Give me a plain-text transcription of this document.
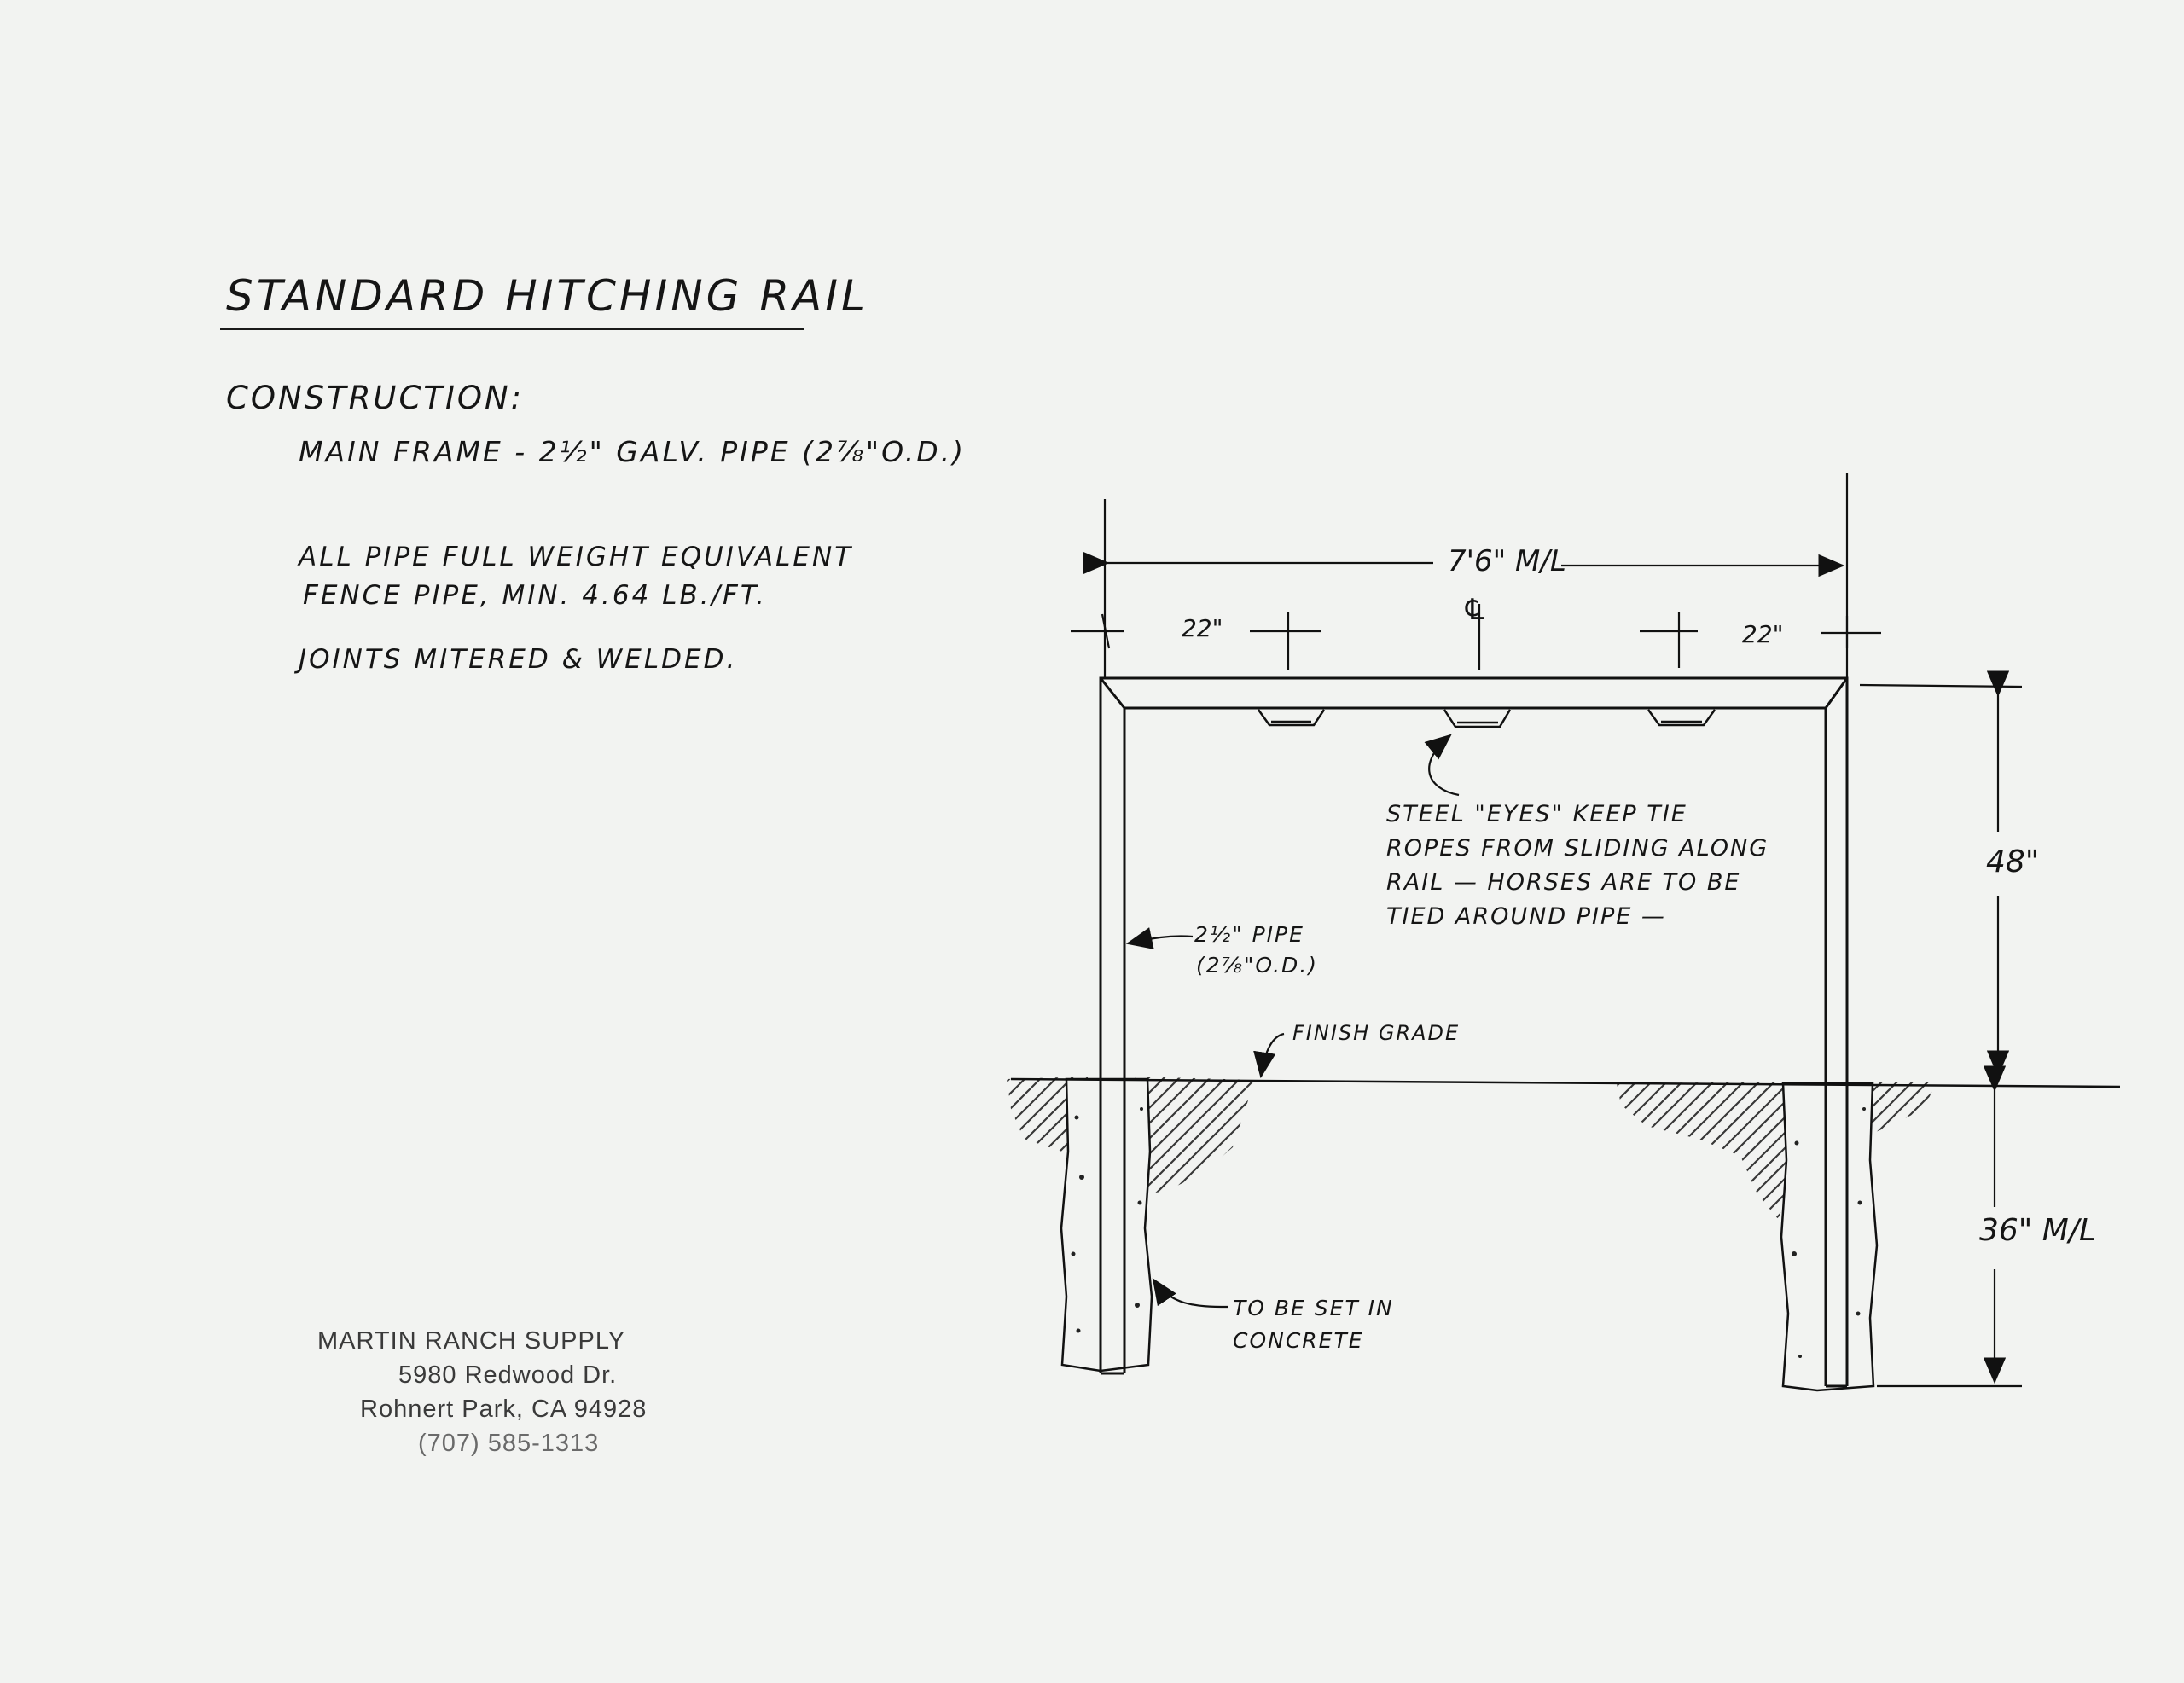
STANDARD HITCHING RAIL
CONSTRUCTION:
MAIN FRAME - 2½" GALV. PIPE (2⅞"O.D.)
ALL PIPE FULL WEIGHT EQUIVALENT
FENCE PIPE, MIN. 4.64 LB./FT.
JOINTS MITERED & WELDED.
7'6" M/L
22"	22"
℄
48"
36" M/L
STEEL "EYES" KEEP TIE
ROPES FROM SLIDING ALONG
RAIL — HORSES ARE TO BE
TIED AROUND PIPE —
2½" PIPE
(2⅞"O.D.)
FINISH GRADE
TO BE SET IN
CONCRETE
MARTIN RANCH SUPPLY
5980 Redwood Dr.
Rohnert Park, CA 94928
(707) 585-1313
